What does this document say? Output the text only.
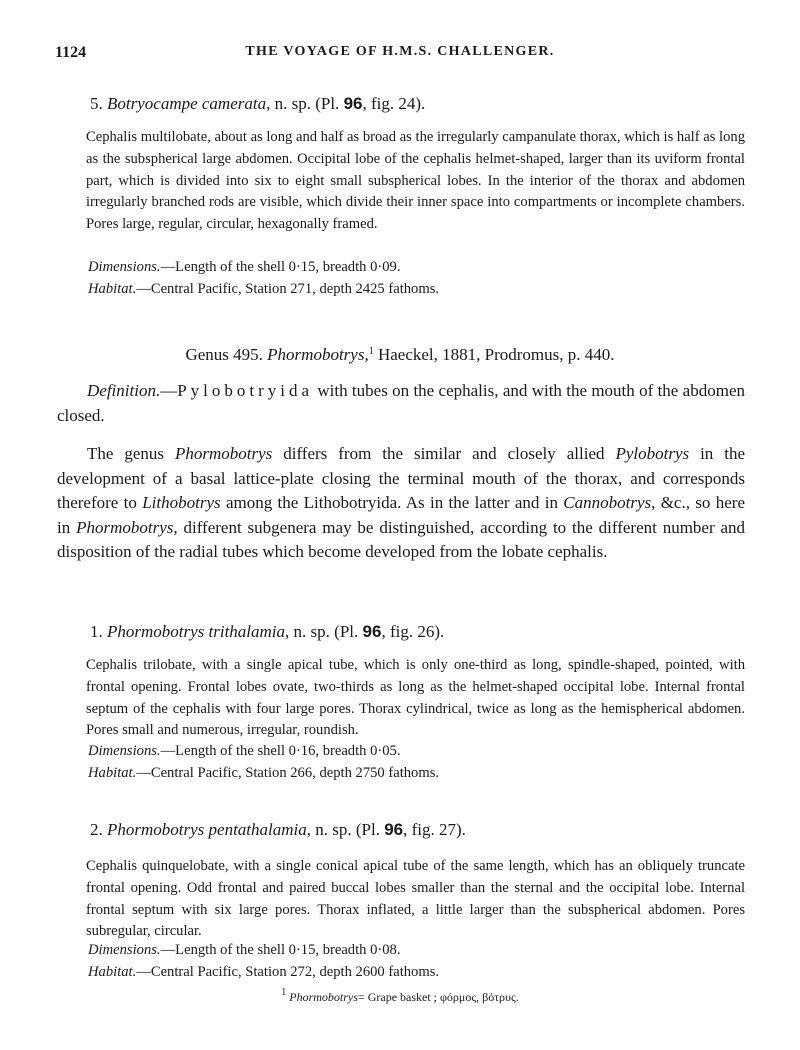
1124	THE VOYAGE OF H.M.S. CHALLENGER.
5. Botryocampe camerata, n. sp. (Pl. 96, fig. 24).

Cephalis multilobate, about as long and half as broad as the irregularly campanulate thorax, which is half as long as the subspherical large abdomen. Occipital lobe of the cephalis helmet-shaped, larger than its uviform frontal part, which is divided into six to eight small subspherical lobes. In the interior of the thorax and abdomen irregularly branched rods are visible, which divide their inner space into compartments or incomplete chambers. Pores large, regular, circular, hexagonally framed.

Dimensions.—Length of the shell 0·15, breadth 0·09.
Habitat.—Central Pacific, Station 271, depth 2425 fathoms.
Genus 495. Phormobotrys,$^1$ Haeckel, 1881, Prodromus, p. 440.
Definition.—Pylobotryida with tubes on the cephalis, and with the mouth of the abdomen closed.
The genus Phormobotrys differs from the similar and closely allied Pylobotrys in the development of a basal lattice-plate closing the terminal mouth of the thorax, and corresponds therefore to Lithobotrys among the Lithobotryida. As in the latter and in Cannobotrys, &c., so here in Phormobotrys, different subgenera may be distinguished, according to the different number and disposition of the radial tubes which become developed from the lobate cephalis.
1. Phormobotrys trithalamia, n. sp. (Pl. 96, fig. 26).

Cephalis trilobate, with a single apical tube, which is only one-third as long, spindle-shaped, pointed, with frontal opening. Frontal lobes ovate, two-thirds as long as the helmet-shaped occipital lobe. Internal frontal septum of the cephalis with four large pores. Thorax cylindrical, twice as long as the hemispherical abdomen. Pores small and numerous, irregular, roundish.

Dimensions.—Length of the shell 0·16, breadth 0·05.
Habitat.—Central Pacific, Station 266, depth 2750 fathoms.
2. Phormobotrys pentathalamia, n. sp. (Pl. 96, fig. 27).

Cephalis quinquelobate, with a single conical apical tube of the same length, which has an obliquely truncate frontal opening. Odd frontal and paired buccal lobes smaller than the sternal and the occipital lobe. Internal frontal septum with six large pores. Thorax inflated, a little larger than the subspherical abdomen. Pores subregular, circular.

Dimensions.—Length of the shell 0·15, breadth 0·08.
Habitat.—Central Pacific, Station 272, depth 2600 fathoms.
$^1$ Phormobotrys= Grape basket ; φόρμος, βότρυς.
